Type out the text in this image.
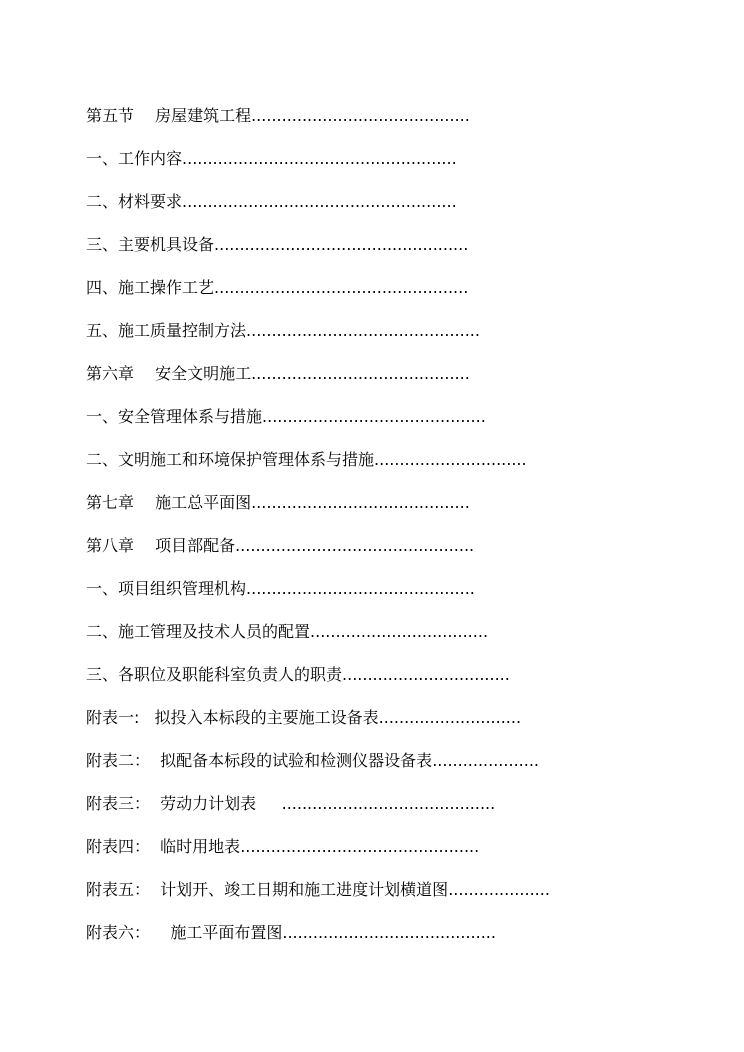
第五节　 房屋建筑工程...........................................
一、工作内容......................................................
二、材料要求......................................................
三、主要机具设备..................................................
四、施工操作工艺..................................................
五、施工质量控制方法..............................................
第六章　 安全文明施工...........................................
一、安全管理体系与措施............................................
二、文明施工和环境保护管理体系与措施..............................
第七章　 施工总平面图...........................................
第八章　 项目部配备...............................................
一、项目组织管理机构.............................................
二、施工管理及技术人员的配置...................................
三、各职位及职能科室负责人的职责.................................
附表一:   拟投入本标段的主要施工设备表............................
附表二：  拟配备本标段的试验和检测仪器设备表.....................
附表三：  劳动力计划表     ..........................................
附表四：  临时用地表...............................................
附表五：  计划开、竣工日期和施工进度计划横道图....................
附表六：    施工平面布置图..........................................
